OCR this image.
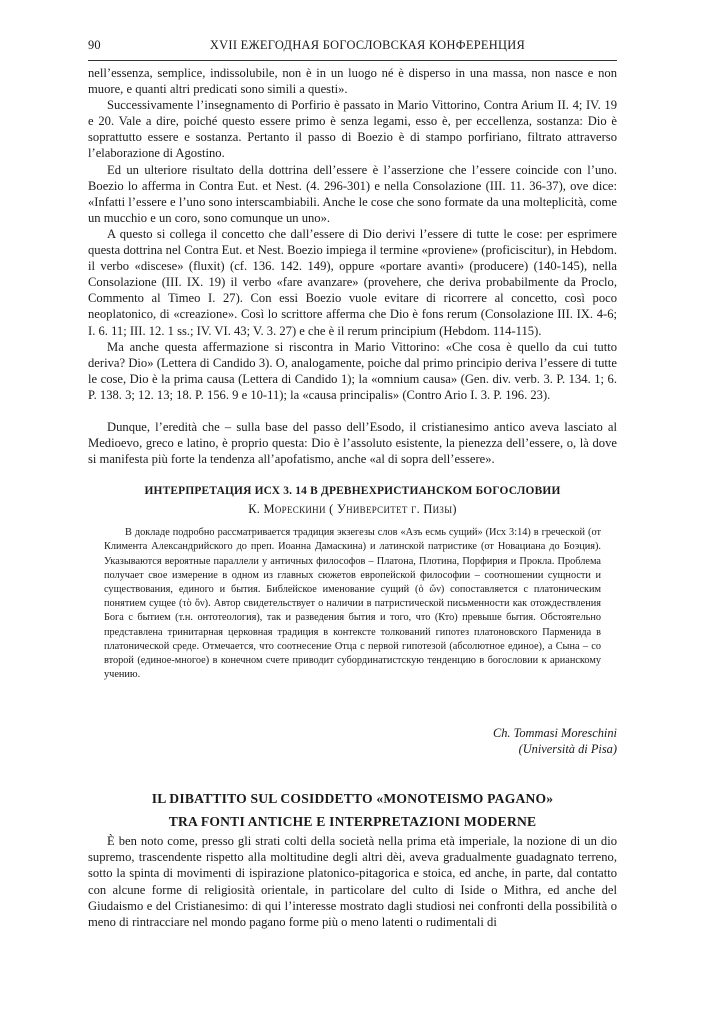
90	XVII ЕЖЕГОДНАЯ БОГОСЛОВСКАЯ КОНФЕРЕНЦИЯ

nell’essenza, semplice, indissolubile, non è in un luogo né è disperso in una massa, non nasce e non muore, e quanti altri predicati sono simili a questi».

Successivamente l’insegnamento di Porfirio è passato in Mario Vittorino, Contra Arium II. 4; IV. 19 e 20. Vale a dire, poiché questo essere primo è senza legami, esso è, per eccellenza, sostanza: Dio è soprattutto essere e sostanza. Pertanto il passo di Boezio è di stampo porfiriano, filtrato attraverso l’elaborazione di Agostino.

Ed un ulteriore risultato della dottrina dell’essere è l’asserzione che l’essere coincide con l’uno. Boezio lo afferma in Contra Eut. et Nest. (4. 296-301) e nella Consolazione (III. 11. 36-37), ove dice: «Infatti l’essere e l’uno sono interscambiabili. Anche le cose che sono formate da una molteplicità, come un mucchio e un coro, sono comunque un uno».

A questo si collega il concetto che dall’essere di Dio derivi l’essere di tutte le cose: per esprimere questa dottrina nel Contra Eut. et Nest. Boezio impiega il termine «proviene» (proficiscitur), in Hebdom. il verbo «discese» (fluxit) (cf. 136. 142. 149), oppure «portare avanti» (producere) (140-145), nella Consolazione (III. IX. 19) il verbo «fare avanzare» (provehere, che deriva probabilmente da Proclo, Commento al Timeo I. 27). Con essi Boezio vuole evitare di ricorrere al concetto, così poco neoplatonico, di «creazione». Così lo scrittore afferma che Dio è fons rerum (Consolazione III. IX. 4-6; I. 6. 11; III. 12. 1 ss.; IV. VI. 43; V. 3. 27) e che è il rerum principium (Hebdom. 114-115).

Ma anche questa affermazione si riscontra in Mario Vittorino: «Che cosa è quello da cui tutto deriva? Dio» (Lettera di Candido 3). O, analogamente, poiche dal primo principio deriva l’essere di tutte le cose, Dio è la prima causa (Lettera di Candido 1); la «omnium causa» (Gen. div. verb. 3. P. 134. 1; 6. P. 138. 3; 12. 13; 18. P. 156. 9 e 10-11); la «causa principalis» (Contro Ario I. 3. P. 196. 23).

Dunque, l’eredità che – sulla base del passo dell’Esodo, il cristianesimo antico aveva lasciato al Medioevo, greco e latino, è proprio questa: Dio è l’assoluto esistente, la pienezza dell’essere, o, là dove si manifesta più forte la tendenza all’apofatismo, anche «al di sopra dell’essere».

ИНТЕРПРЕТАЦИЯ ИСХ 3. 14 В ДРЕВНЕХРИСТИАНСКОМ БОГОСЛОВИИ
К. Морескини ( Университет г. Пизы)

В докладе подробно рассматривается традиция экзегезы слов «Азъ есмь сущий» (Исх 3:14) в греческой (от Климента Александрийского до преп. Иоанна Дамаскина) и латинской патристике (от Новациана до Боэция). Указываются вероятные параллели у античных философов – Платона, Плотина, Порфирия и Прокла. Проблема получает свое измерение в одном из главных сюжетов европейской философии – соотношении сущности и существования, единого и бытия. Библейское именование сущий (ὁ ὤν) сопоставляется с платоническим понятием сущее (τὸ ὄν). Автор свидетельствует о наличии в патристической письменности как отождествления Бога с бытием (т.н. онтотеология), так и разведения бытия и того, что (Кто) превыше бытия. Обстоятельно представлена тринитарная церковная традиция в контексте толкований гипотез платоновского Парменида в платонической среде. Отмечается, что соотнесение Отца с первой гипотезой (абсолютное единое), а Сына – со второй (единое-многое) в конечном счете приводит субординатистскую тенденцию в богословии к арианскому учению.

Ch. Tommasi Moreschini
(Università di Pisa)
IL DIBATTITO SUL COSIDDETTO «MONOTEISMO PAGANO»
TRA FONTI ANTICHE E INTERPRETAZIONI MODERNE

È ben noto come, presso gli strati colti della società nella prima età imperiale, la nozione di un dio supremo, trascendente rispetto alla moltitudine degli altri dèi, aveva gradualmente guadagnato terreno, sotto la spinta di movimenti di ispirazione platonico-pitagorica e stoica, ed anche, in parte, dal contatto con alcune forme di religiosità orientale, in particolare del culto di Iside o Mithra, ed anche del Giudaismo e del Cristianesimo: di qui l’interesse mostrato dagli studiosi nei confronti della possibilità o meno di rintracciare nel mondo pagano forme più o meno latenti o rudimentali di
